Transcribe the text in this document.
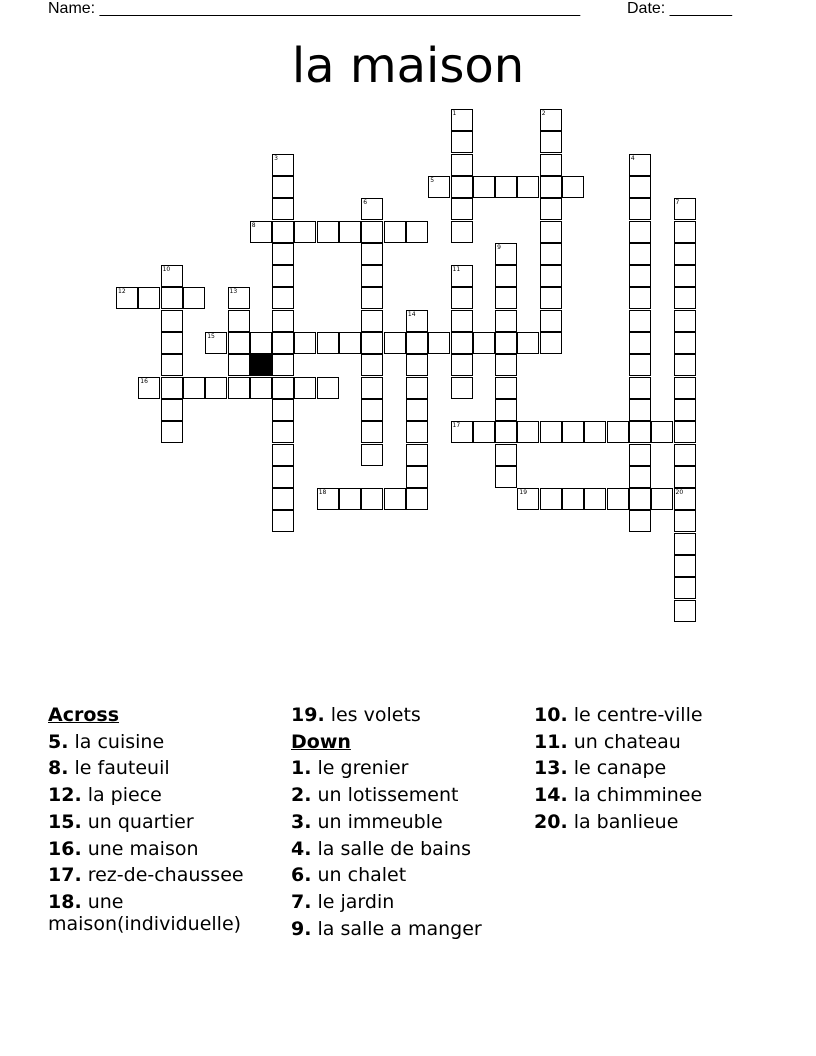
Name: ______________________________________________________	Date: _______
la maison
5
8
12
15
16
17
18	19	20
1	2
3	4
6	7
9
10	11
13
14
Across
5. la cuisine
8. le fauteuil
12. la piece
15. un quartier
16. une maison
17. rez-de-chaussee
18. une maison(individuelle)
19. les volets
Down
1. le grenier
2. un lotissement
3. un immeuble
4. la salle de bains
6. un chalet
7. le jardin
9. la salle a manger
10. le centre-ville
11. un chateau
13. le canape
14. la chimminee
20. la banlieue
